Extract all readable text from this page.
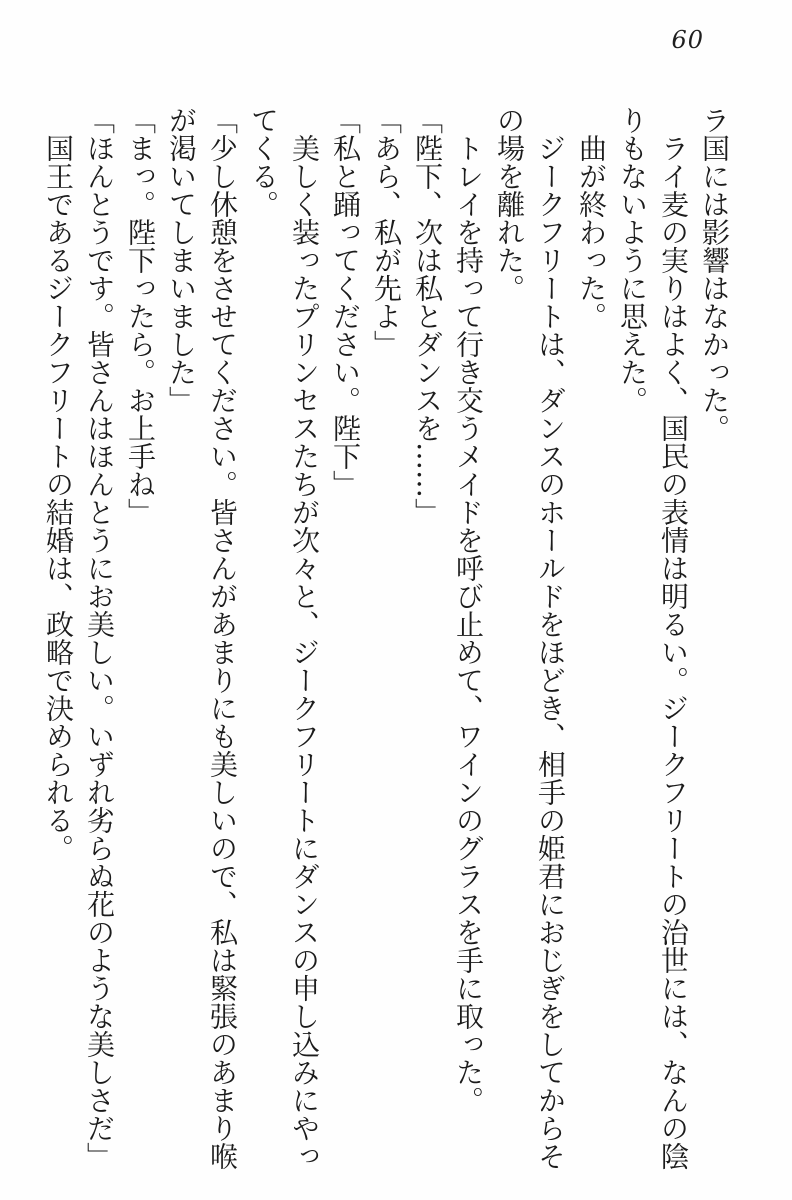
60

ラ国には影響はなかった。

　ライ麦の実りはよく、国民の表情は明るい。ジークフリートの治世には、なんの陰りもないように思えた。

　曲が終わった。

　ジークフリートは、ダンスのホールドをほどき、相手の姫君におじぎをしてからその場を離れた。

　トレイを持って行き交うメイドを呼び止めて、ワインのグラスを手に取った。

「陛下、次は私とダンスを……」

「あら、私が先よ」

「私と踊ってください。陛下」

　美しく装ったプリンセスたちが次々と、ジークフリートにダンスの申し込みにやってくる。

「少し休憩をさせてください。皆さんがあまりにも美しいので、私は緊張のあまり喉が渇いてしまいました」

「まっ。陛下ったら。お上手ね」

「ほんとうです。皆さんはほんとうにお美しい。いずれ劣らぬ花のような美しさだ」

　国王であるジークフリートの結婚は、政略で決められる。
